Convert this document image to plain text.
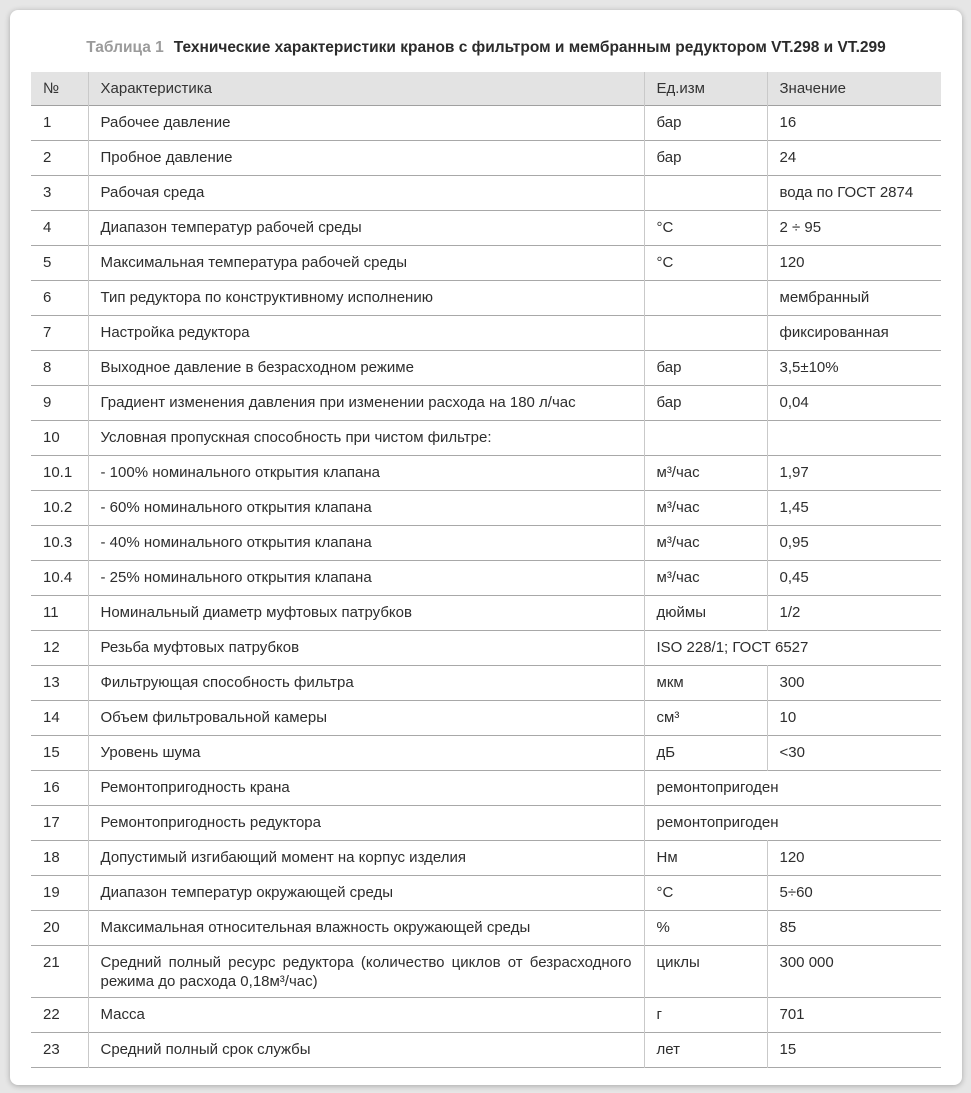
Таблица 1 Технические характеристики кранов с фильтром и мембранным редуктором VT.298 и VT.299
№	Характеристика	Ед.изм	Значение
1	Рабочее давление	бар	16
2	Пробное давление	бар	24
3	Рабочая среда		вода по ГОСТ 2874
4	Диапазон температур рабочей среды	°С	2 ÷ 95
5	Максимальная температура рабочей среды	°С	120
6	Тип редуктора по конструктивному исполнению		мембранный
7	Настройка редуктора		фиксированная
8	Выходное давление в безрасходном режиме	бар	3,5±10%
9	Градиент изменения давления при изменении расхода на 180 л/час	бар	0,04
10	Условная пропускная способность при чистом фильтре:		
10.1	- 100% номинального открытия клапана	м³/час	1,97
10.2	- 60% номинального открытия клапана	м³/час	1,45
10.3	- 40% номинального открытия клапана	м³/час	0,95
10.4	- 25% номинального открытия клапана	м³/час	0,45
11	Номинальный диаметр муфтовых патрубков	дюймы	1/2
12	Резьба муфтовых патрубков	ISO 228/1; ГОСТ 6527	
13	Фильтрующая способность фильтра	мкм	300
14	Объем фильтровальной камеры	см³	10
15	Уровень шума	дБ	<30
16	Ремонтопригодность крана	ремонтопригоден	
17	Ремонтопригодность редуктора	ремонтопригоден	
18	Допустимый изгибающий момент на корпус изделия	Нм	120
19	Диапазон температур окружающей среды	°С	5÷60
20	Максимальная относительная влажность окружающей среды	%	85
21	Средний полный ресурс редуктора (количество циклов от безрасходного режима до расхода 0,18м³/час)	циклы	300 000
22	Масса	г	701
23	Средний полный срок службы	лет	15
